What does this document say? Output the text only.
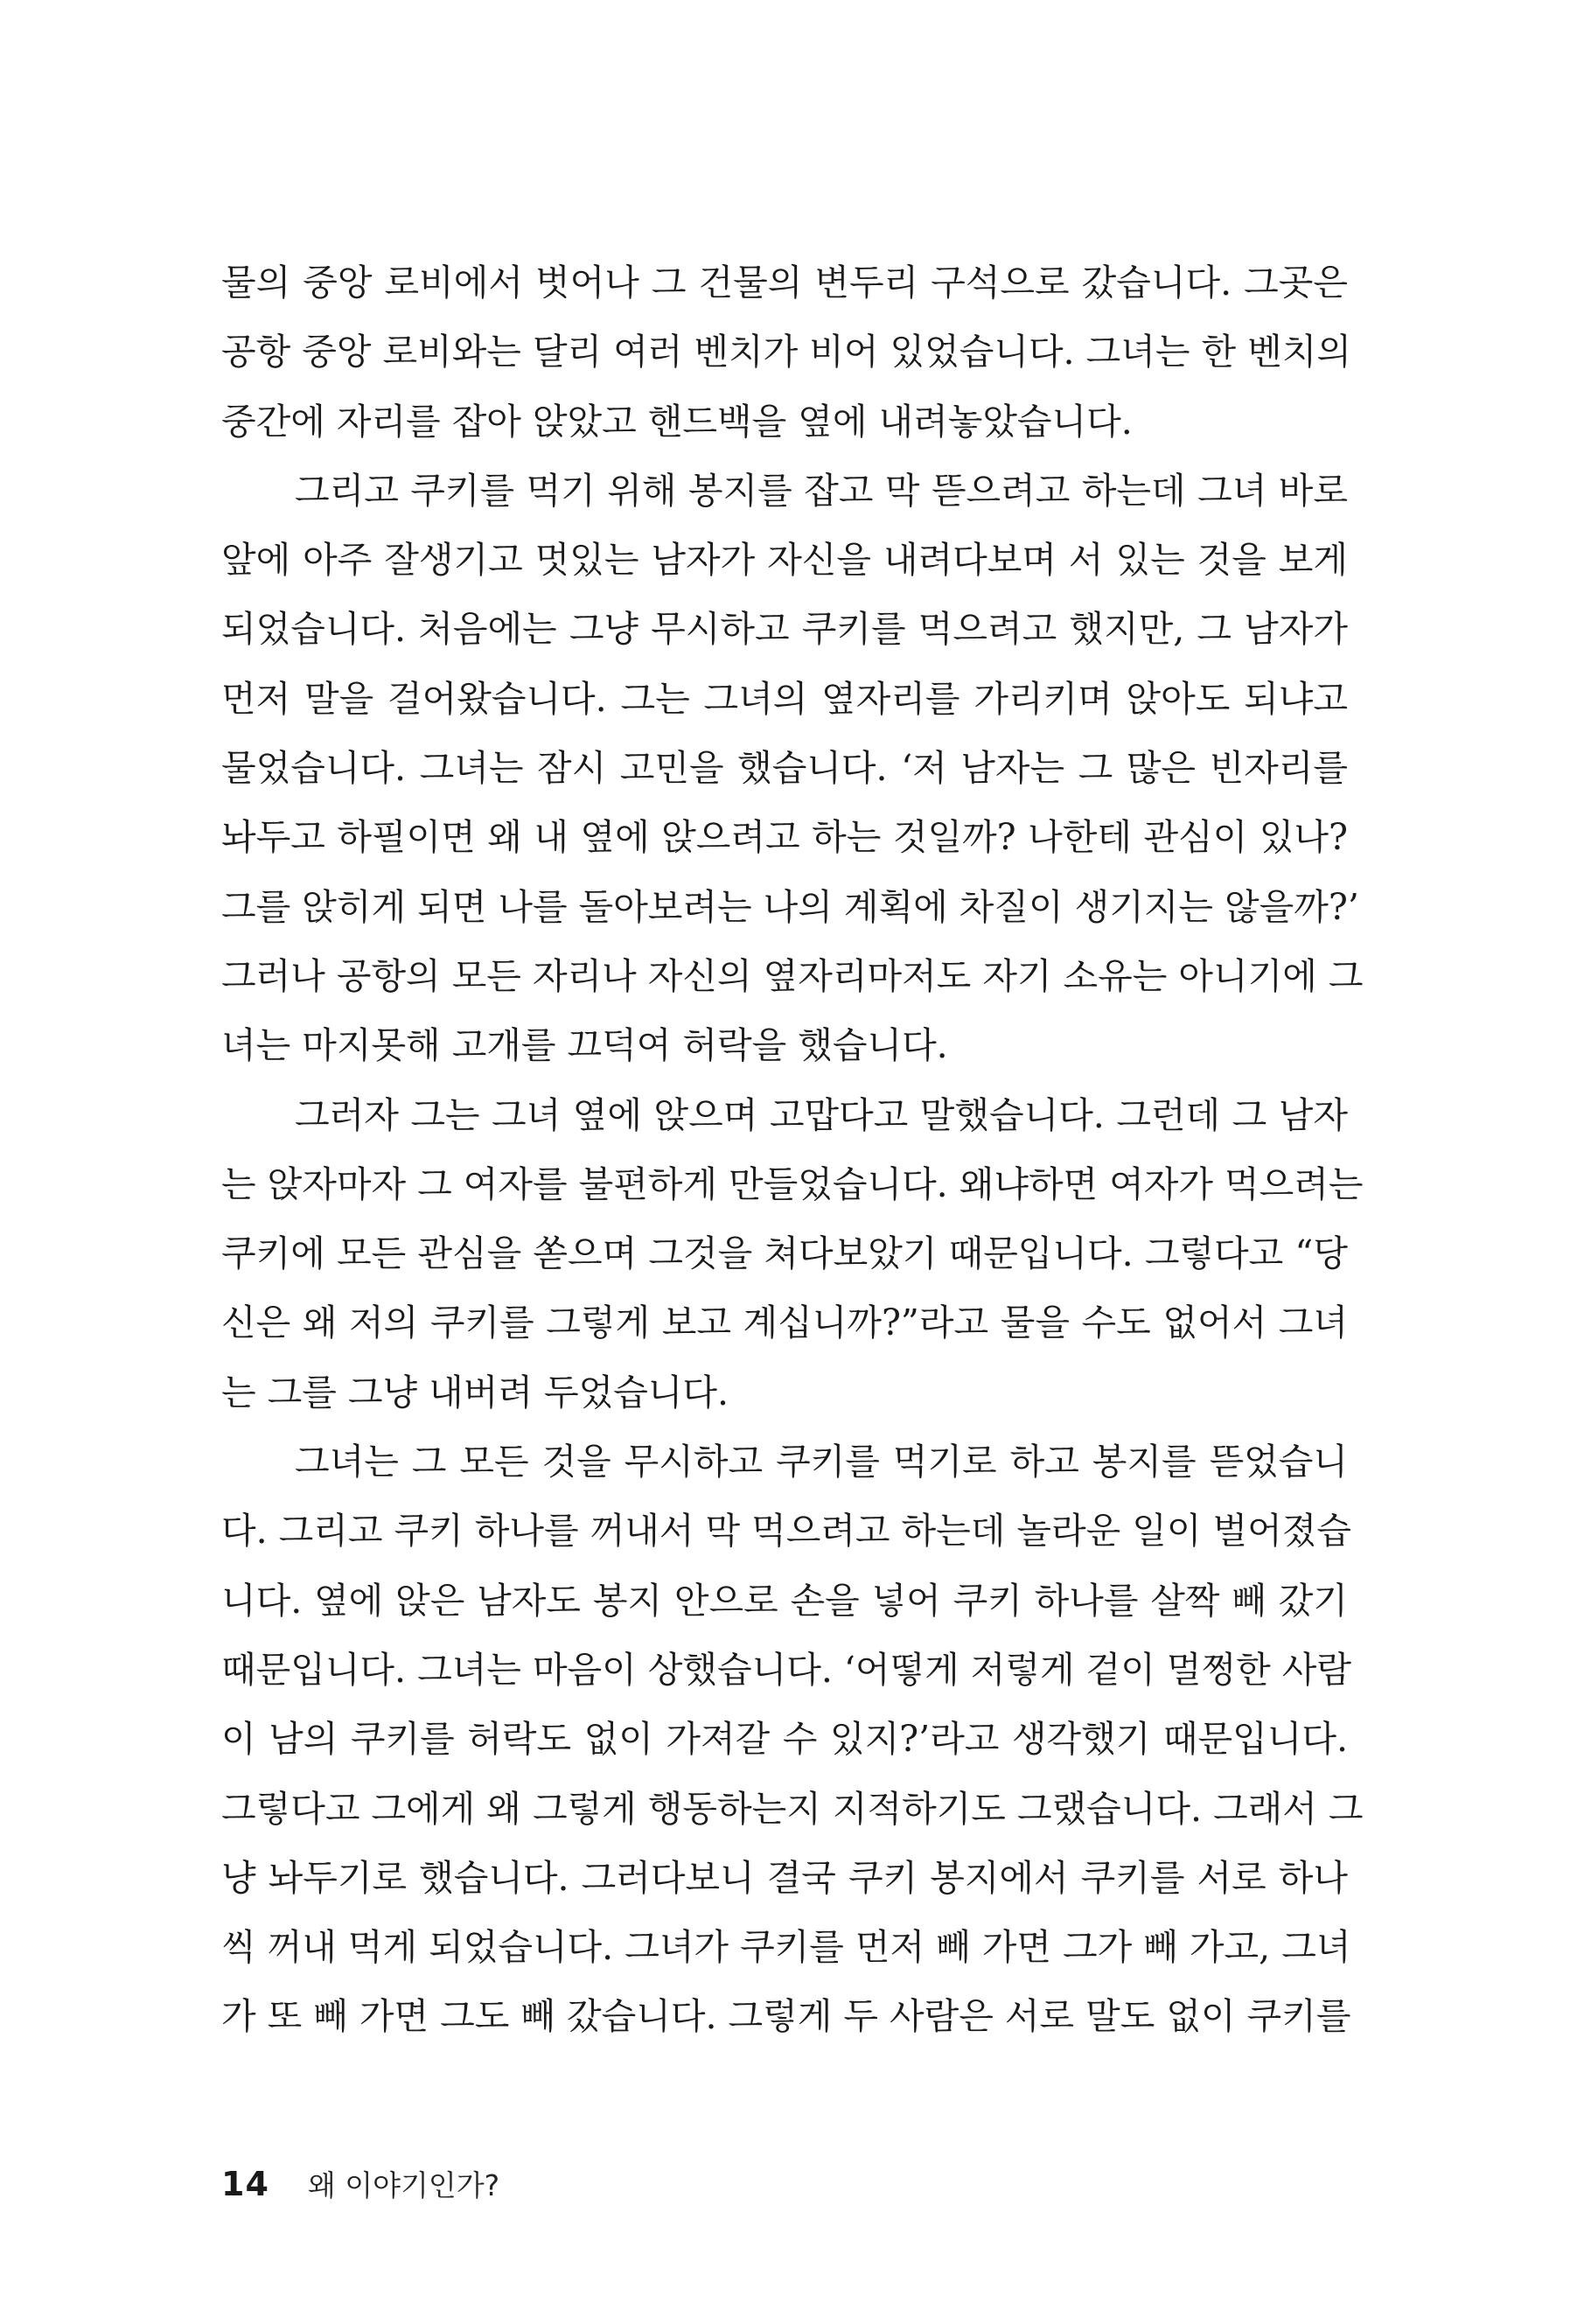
물의 중앙 로비에서 벗어나 그 건물의 변두리 구석으로 갔습니다. 그곳은
공항 중앙 로비와는 달리 여러 벤치가 비어 있었습니다. 그녀는 한 벤치의
중간에 자리를 잡아 앉았고 핸드백을 옆에 내려놓았습니다.
그리고 쿠키를 먹기 위해 봉지를 잡고 막 뜯으려고 하는데 그녀 바로
앞에 아주 잘생기고 멋있는 남자가 자신을 내려다보며 서 있는 것을 보게
되었습니다. 처음에는 그냥 무시하고 쿠키를 먹으려고 했지만, 그 남자가
먼저 말을 걸어왔습니다. 그는 그녀의 옆자리를 가리키며 앉아도 되냐고
물었습니다. 그녀는 잠시 고민을 했습니다. ‘저 남자는 그 많은 빈자리를
놔두고 하필이면 왜 내 옆에 앉으려고 하는 것일까? 나한테 관심이 있나?
그를 앉히게 되면 나를 돌아보려는 나의 계획에 차질이 생기지는 않을까?’
그러나 공항의 모든 자리나 자신의 옆자리마저도 자기 소유는 아니기에 그
녀는 마지못해 고개를 끄덕여 허락을 했습니다.
그러자 그는 그녀 옆에 앉으며 고맙다고 말했습니다. 그런데 그 남자
는 앉자마자 그 여자를 불편하게 만들었습니다. 왜냐하면 여자가 먹으려는
쿠키에 모든 관심을 쏟으며 그것을 쳐다보았기 때문입니다. 그렇다고 “당
신은 왜 저의 쿠키를 그렇게 보고 계십니까?”라고 물을 수도 없어서 그녀
는 그를 그냥 내버려 두었습니다.
그녀는 그 모든 것을 무시하고 쿠키를 먹기로 하고 봉지를 뜯었습니
다. 그리고 쿠키 하나를 꺼내서 막 먹으려고 하는데 놀라운 일이 벌어졌습
니다. 옆에 앉은 남자도 봉지 안으로 손을 넣어 쿠키 하나를 살짝 빼 갔기
때문입니다. 그녀는 마음이 상했습니다. ‘어떻게 저렇게 겉이 멀쩡한 사람
이 남의 쿠키를 허락도 없이 가져갈 수 있지?’라고 생각했기 때문입니다.
그렇다고 그에게 왜 그렇게 행동하는지 지적하기도 그랬습니다. 그래서 그
냥 놔두기로 했습니다. 그러다보니 결국 쿠키 봉지에서 쿠키를 서로 하나
씩 꺼내 먹게 되었습니다. 그녀가 쿠키를 먼저 빼 가면 그가 빼 가고, 그녀
가 또 빼 가면 그도 빼 갔습니다. 그렇게 두 사람은 서로 말도 없이 쿠키를
14 왜 이야기인가?
